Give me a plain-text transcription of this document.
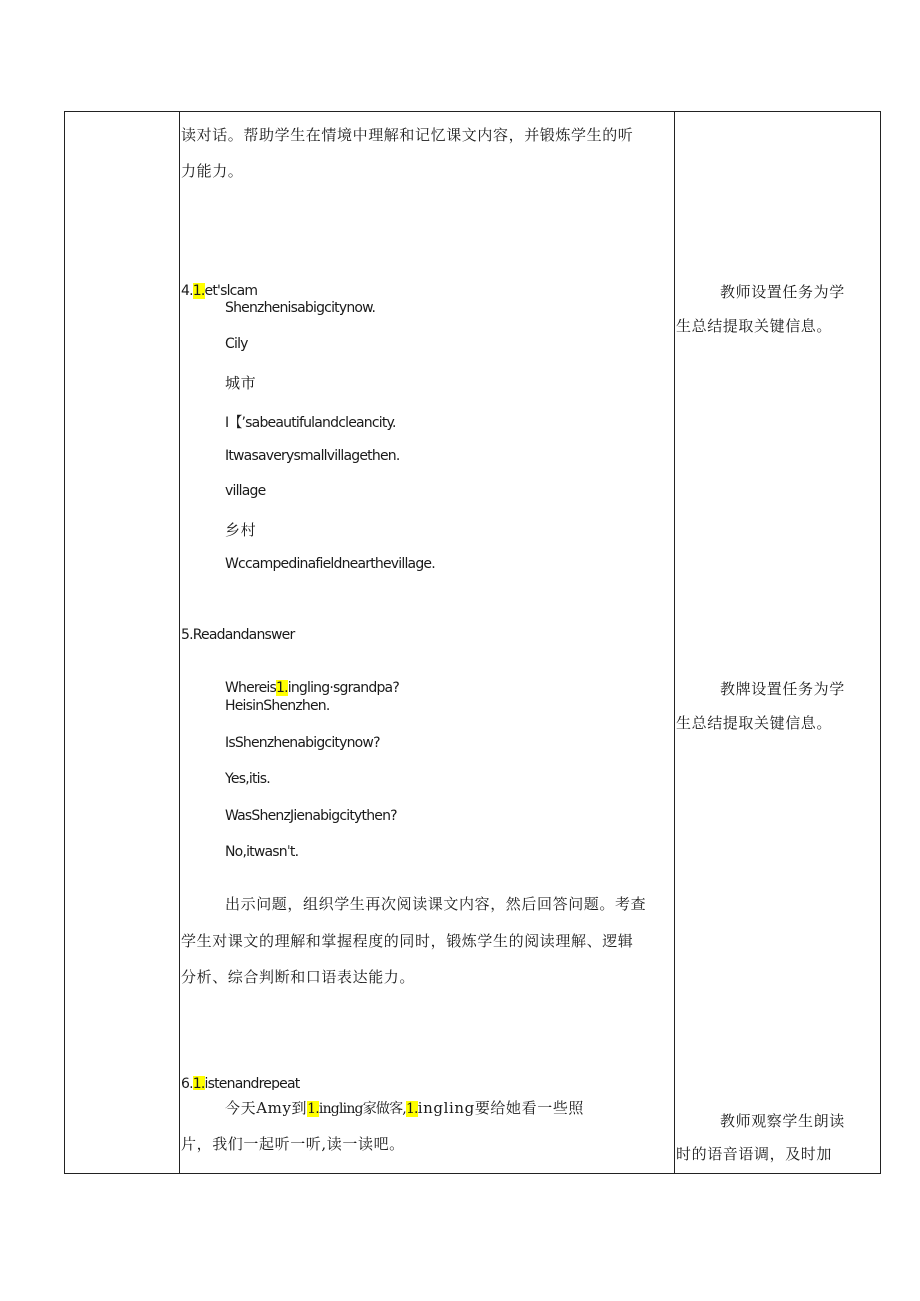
读对话。帮助学生在情境中理解和记忆课文内容，并锻炼学生的听
力能力。
4.1.et'slcam
Shenzhenisabigcitynow.
Cily
城市
I【’sabeautifulandcleancity.
Itwasaverysmallvillagethen.
village
乡村
Wccampedinafieldnearthevillage.
5.Readandanswer
Whereis1.ingling·sgrandpa?
HeisinShenzhen.
IsShenzhenabigcitynow?
Yes,itis.
WasShenzJienabigcitythen?
No,itwasnˈt.
出示问题，组织学生再次阅读课文内容，然后回答问题。考查
学生对课文的理解和掌握程度的同时，锻炼学生的阅读理解、逻辑
分析、综合判断和口语表达能力。
6.1.istenandrepeat
今天Amy到1.ingling家做客,1.ingling要给她看一些照
片，我们一起听一听,读一读吧。
教师设置任务为学
生总结提取关键信息。
教牌设置任务为学
生总结提取关键信息。
教师观察学生朗读
时的语音语调，及时加
